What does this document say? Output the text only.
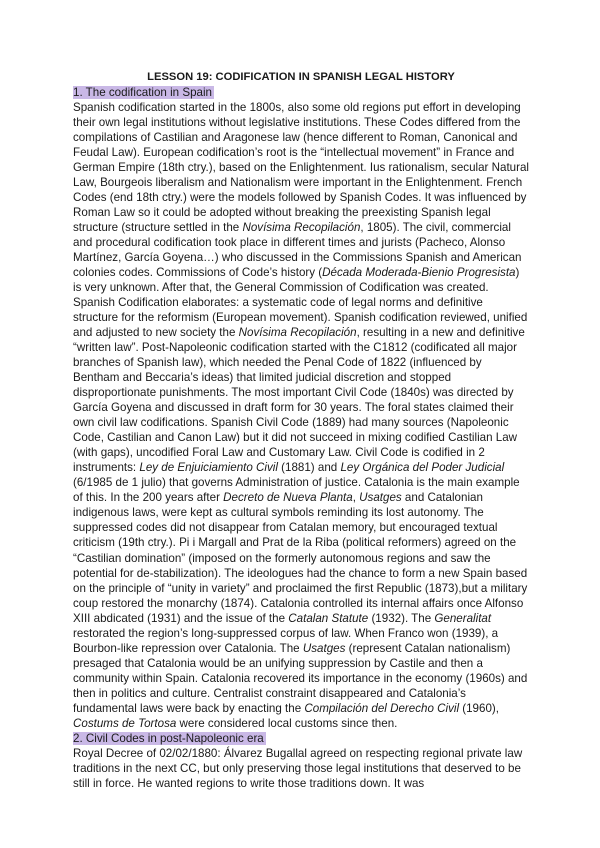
LESSON 19: CODIFICATION IN SPANISH LEGAL HISTORY

1. The codification in Spain

Spanish codification started in the 1800s, also some old regions put effort in developing their own legal institutions without legislative institutions. These Codes differed from the compilations of Castilian and Aragonese law (hence different to Roman, Canonical and Feudal Law). European codification’s root is the “intellectual movement” in France and German Empire (18th ctry.), based on the Enlightenment. Ius rationalism, secular Natural Law, Bourgeois liberalism and Nationalism were important in the Enlightenment. French Codes (end 18th ctry.) were the models followed by Spanish Codes. It was influenced by Roman Law so it could be adopted without breaking the preexisting Spanish legal structure (structure settled in the Novísima Recopilación, 1805). The civil, commercial and procedural codification took place in different times and jurists (Pacheco, Alonso Martínez, García Goyena…) who discussed in the Commissions Spanish and American colonies codes. Commissions of Code’s history (Década Moderada-Bienio Progresista) is very unknown. After that, the General Commission of Codification was created. Spanish Codification elaborates: a systematic code of legal norms and definitive structure for the reformism (European movement). Spanish codification reviewed, unified and adjusted to new society the Novísima Recopilación, resulting in a new and definitive “written law”. Post-Napoleonic codification started with the C1812 (codificated all major branches of Spanish law), which needed the Penal Code of 1822 (influenced by Bentham and Beccaria’s ideas) that limited judicial discretion and stopped disproportionate punishments. The most important Civil Code (1840s) was directed by García Goyena and discussed in draft form for 30 years. The foral states claimed their own civil law codifications. Spanish Civil Code (1889) had many sources (Napoleonic Code, Castilian and Canon Law) but it did not succeed in mixing codified Castilian Law (with gaps), uncodified Foral Law and Customary Law. Civil Code is codified in 2 instruments: Ley de Enjuiciamiento Civil (1881) and Ley Orgánica del Poder Judicial (6/1985 de 1 julio) that governs Administration of justice. Catalonia is the main example of this. In the 200 years after Decreto de Nueva Planta, Usatges and Catalonian indigenous laws, were kept as cultural symbols reminding its lost autonomy. The suppressed codes did not disappear from Catalan memory, but encouraged textual criticism (19th ctry.). Pi i Margall and Prat de la Riba (political reformers) agreed on the “Castilian domination” (imposed on the formerly autonomous regions and saw the potential for de-stabilization). The ideologues had the chance to form a new Spain based on the principle of “unity in variety” and proclaimed the first Republic (1873),but a military coup restored the monarchy (1874). Catalonia controlled its internal affairs once Alfonso XIII abdicated (1931) and the issue of the Catalan Statute (1932). The Generalitat restorated the region’s long-suppressed corpus of law. When Franco won (1939), a Bourbon-like repression over Catalonia. The Usatges (represent Catalan nationalism) presaged that Catalonia would be an unifying suppression by Castile and then a community within Spain. Catalonia recovered its importance in the economy (1960s) and then in politics and culture. Centralist constraint disappeared and Catalonia’s fundamental laws were back by enacting the Compilación del Derecho Civil (1960), Costums de Tortosa were considered local customs since then.

2. Civil Codes in post-Napoleonic era

Royal Decree of 02/02/1880: Álvarez Bugallal agreed on respecting regional private law traditions in the next CC, but only preserving those legal institutions that deserved to be still in force. He wanted regions to write those traditions down. It was
